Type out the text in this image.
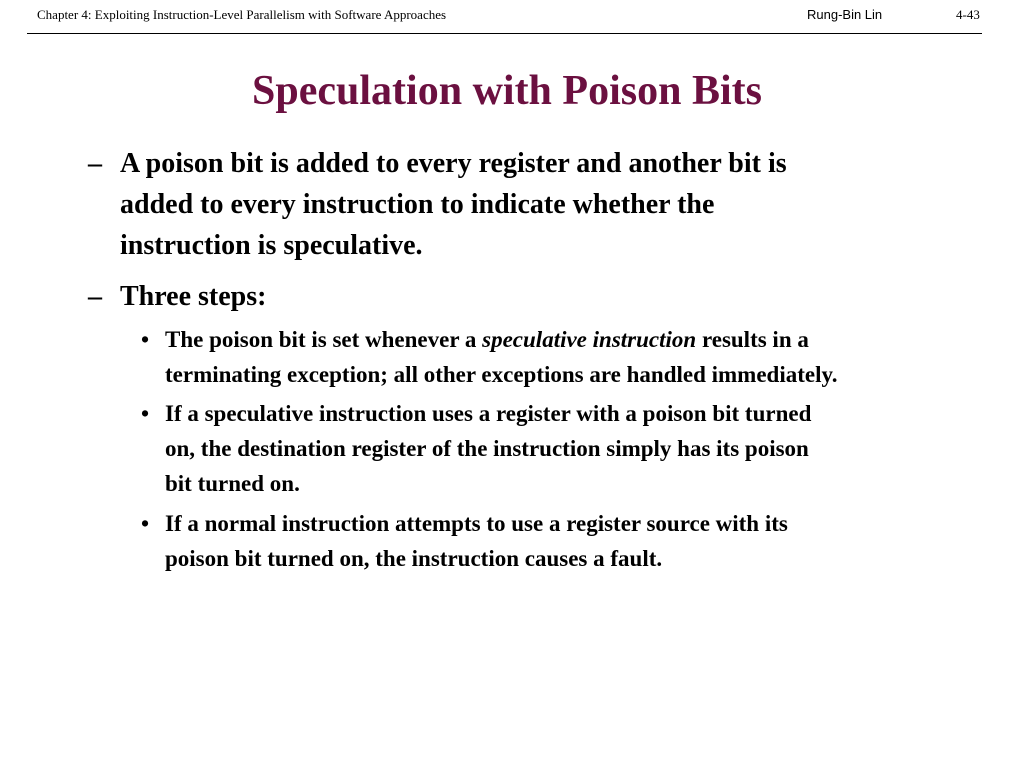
Chapter 4: Exploiting Instruction-Level Parallelism with Software Approaches	Rung-Bin Lin	4-43
Speculation with Poison Bits
– A poison bit is added to every register and another bit is
added to every instruction to indicate whether the
instruction is speculative.
– Three steps:
• The poison bit is set whenever a speculative instruction results in a
terminating exception; all other exceptions are handled immediately.
• If a speculative instruction uses a register with a poison bit turned
on, the destination register of the instruction simply has its poison
bit turned on.
• If a normal instruction attempts to use a register source with its
poison bit turned on, the instruction causes a fault.
